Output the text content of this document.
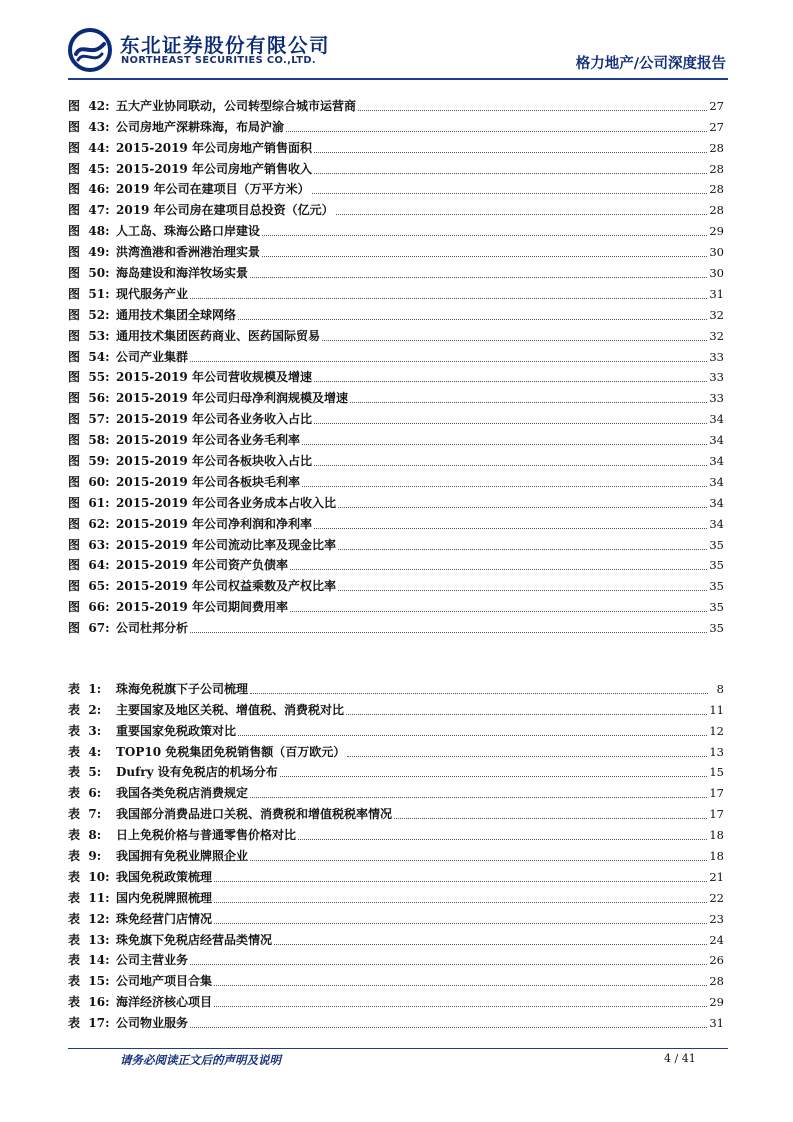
东北证券股份有限公司
NORTHEAST SECURITIES CO.,LTD.	格力地产/公司深度报告
图 42: 五大产业协同联动，公司转型综合城市运营商	27
图 43: 公司房地产深耕珠海，布局沪渝	27
图 44: 2015-2019 年公司房地产销售面积	28
图 45: 2015-2019 年公司房地产销售收入	28
图 46: 2019 年公司在建项目（万平方米）	28
图 47: 2019 年公司房在建项目总投资（亿元）	28
图 48: 人工岛、珠海公路口岸建设	29
图 49: 洪湾渔港和香洲港治理实景	30
图 50: 海岛建设和海洋牧场实景	30
图 51: 现代服务产业	31
图 52: 通用技术集团全球网络	32
图 53: 通用技术集团医药商业、医药国际贸易	32
图 54: 公司产业集群	33
图 55: 2015-2019 年公司营收规模及增速	33
图 56: 2015-2019 年公司归母净利润规模及增速	33
图 57: 2015-2019 年公司各业务收入占比	34
图 58: 2015-2019 年公司各业务毛利率	34
图 59: 2015-2019 年公司各板块收入占比	34
图 60: 2015-2019 年公司各板块毛利率	34
图 61: 2015-2019 年公司各业务成本占收入比	34
图 62: 2015-2019 年公司净利润和净利率	34
图 63: 2015-2019 年公司流动比率及现金比率	35
图 64: 2015-2019 年公司资产负债率	35
图 65: 2015-2019 年公司权益乘数及产权比率	35
图 66: 2015-2019 年公司期间费用率	35
图 67: 公司杜邦分析	35
表 1:	珠海免税旗下子公司梳理	8
表 2:	主要国家及地区关税、增值税、消费税对比	11
表 3:	重要国家免税政策对比	12
表 4:	TOP10 免税集团免税销售额（百万欧元）	13
表 5:	Dufry 设有免税店的机场分布	15
表 6:	我国各类免税店消费规定	17
表 7:	我国部分消费品进口关税、消费税和增值税税率情况	17
表 8:	日上免税价格与普通零售价格对比	18
表 9:	我国拥有免税业牌照企业	18
表 10: 我国免税政策梳理	21
表 11: 国内免税牌照梳理	22
表 12: 珠免经营门店情况	23
表 13: 珠免旗下免税店经营品类情况	24
表 14: 公司主营业务	26
表 15: 公司地产项目合集	28
表 16: 海洋经济核心项目	29
表 17: 公司物业服务	31
请务必阅读正文后的声明及说明	4 / 41
